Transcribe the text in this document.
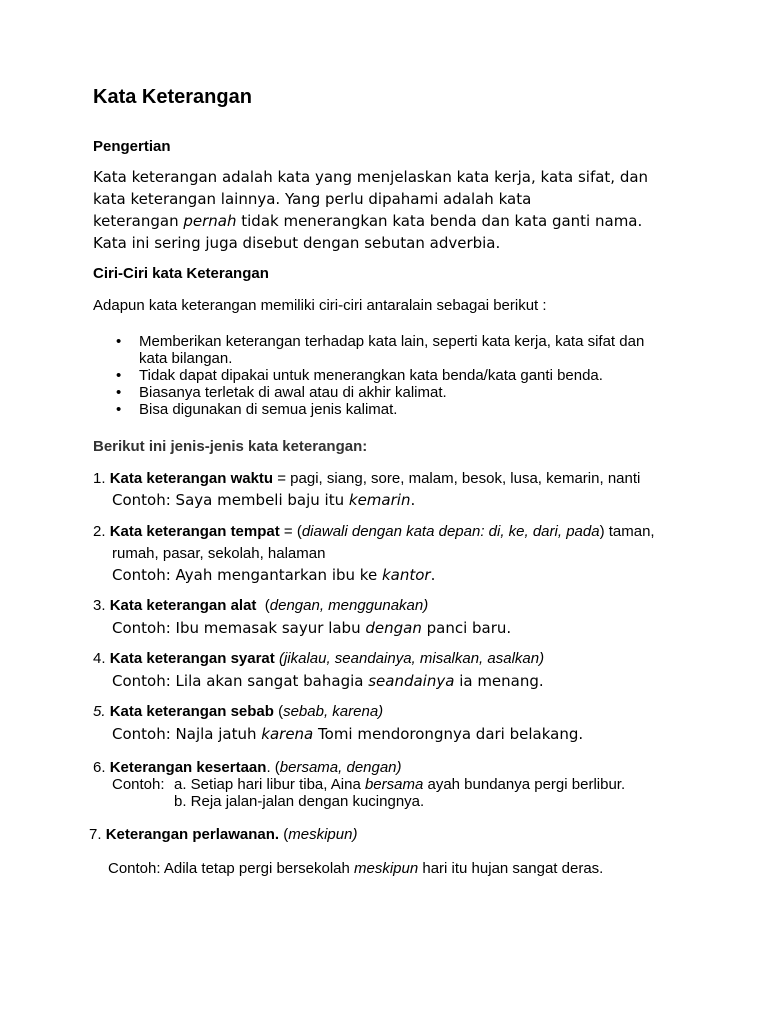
Kata Keterangan
Pengertian
Kata keterangan adalah kata yang menjelaskan kata kerja, kata sifat, dan
kata keterangan lainnya. Yang perlu dipahami adalah kata
keterangan pernah tidak menerangkan kata benda dan kata ganti nama.
Kata ini sering juga disebut dengan sebutan adverbia.
Ciri-Ciri kata Keterangan
Adapun kata keterangan memiliki ciri-ciri antaralain sebagai berikut :
• Memberikan keterangan terhadap kata lain, seperti kata kerja, kata sifat dan
kata bilangan.
• Tidak dapat dipakai untuk menerangkan kata benda/kata ganti benda.
• Biasanya terletak di awal atau di akhir kalimat.
• Bisa digunakan di semua jenis kalimat.
Berikut ini jenis-jenis kata keterangan:
1. Kata keterangan waktu = pagi, siang, sore, malam, besok, lusa, kemarin, nanti
Contoh: Saya membeli baju itu kemarin.
2. Kata keterangan tempat = (diawali dengan kata depan: di, ke, dari, pada) taman,
rumah, pasar, sekolah, halaman
Contoh: Ayah mengantarkan ibu ke kantor.
3. Kata keterangan alat  (dengan, menggunakan)
Contoh: Ibu memasak sayur labu dengan panci baru.
4. Kata keterangan syarat (jikalau, seandainya, misalkan, asalkan)
Contoh: Lila akan sangat bahagia seandainya ia menang.
5. Kata keterangan sebab (sebab, karena)
Contoh: Najla jatuh karena Tomi mendorongnya dari belakang.
6. Keterangan kesertaan. (bersama, dengan)
Contoh: a. Setiap hari libur tiba, Aina bersama ayah bundanya pergi berlibur.
b. Reja jalan-jalan dengan kucingnya.
7. Keterangan perlawanan. (meskipun)
Contoh: Adila tetap pergi bersekolah meskipun hari itu hujan sangat deras.
